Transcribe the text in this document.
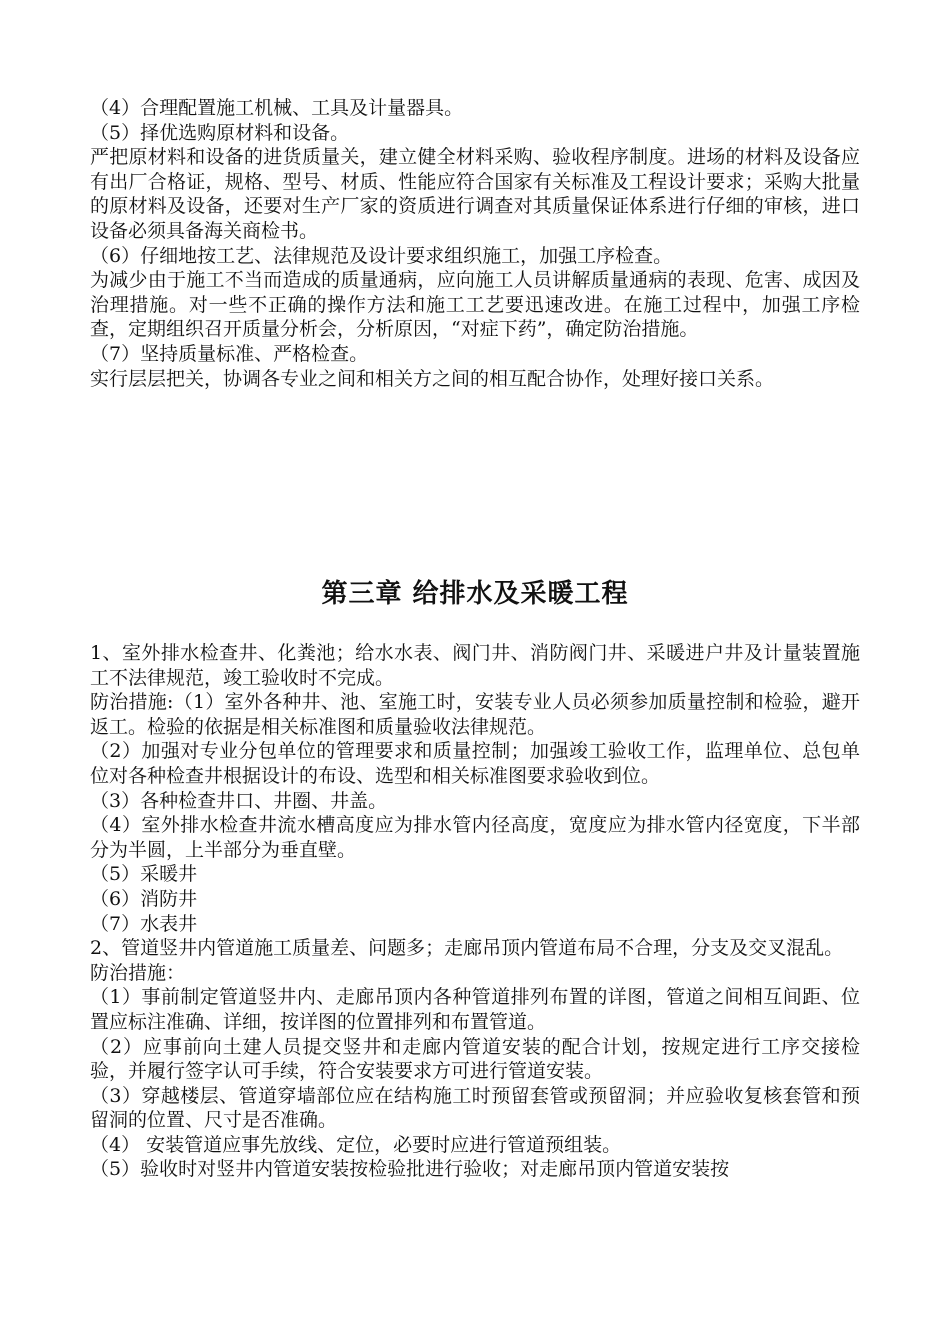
（4）合理配置施工机械、工具及计量器具。

（5）择优选购原材料和设备。

严把原材料和设备的进货质量关，建立健全材料采购、验收程序制度。进场的材料及设备应有出厂合格证，规格、型号、材质、性能应符合国家有关标准及工程设计要求；采购大批量的原材料及设备，还要对生产厂家的资质进行调查对其质量保证体系进行仔细的审核，进口设备必须具备海关商检书。

（6）仔细地按工艺、法律规范及设计要求组织施工，加强工序检查。

为减少由于施工不当而造成的质量通病，应向施工人员讲解质量通病的表现、危害、成因及治理措施。对一些不正确的操作方法和施工工艺要迅速改进。在施工过程中，加强工序检查，定期组织召开质量分析会，分析原因，“对症下药”，确定防治措施。

（7）坚持质量标准、严格检查。

实行层层把关，协调各专业之间和相关方之间的相互配合协作，处理好接口关系。

第三章 给排水及采暖工程

1、室外排水检查井、化粪池；给水水表、阀门井、消防阀门井、采暖进户井及计量装置施工不法律规范，竣工验收时不完成。

防治措施:（1）室外各种井、池、室施工时，安装专业人员必须参加质量控制和检验，避开返工。检验的依据是相关标准图和质量验收法律规范。

（2）加强对专业分包单位的管理要求和质量控制；加强竣工验收工作，监理单位、总包单位对各种检查井根据设计的布设、选型和相关标准图要求验收到位。

（3）各种检查井口、井圈、井盖。

（4）室外排水检查井流水槽高度应为排水管内径高度，宽度应为排水管内径宽度，下半部分为半圆，上半部分为垂直壁。

（5）采暖井

（6）消防井

（7）水表井

2、管道竖井内管道施工质量差、问题多；走廊吊顶内管道布局不合理，分支及交叉混乱。

防治措施：

（1）事前制定管道竖井内、走廊吊顶内各种管道排列布置的详图，管道之间相互间距、位置应标注准确、详细，按详图的位置排列和布置管道。

（2）应事前向土建人员提交竖井和走廊内管道安装的配合计划，按规定进行工序交接检验，并履行签字认可手续，符合安装要求方可进行管道安装。

（3）穿越楼层、管道穿墙部位应在结构施工时预留套管或预留洞；并应验收复核套管和预留洞的位置、尺寸是否准确。

（4） 安装管道应事先放线、定位，必要时应进行管道预组装。

（5）验收时对竖井内管道安装按检验批进行验收；对走廊吊顶内管道安装按
